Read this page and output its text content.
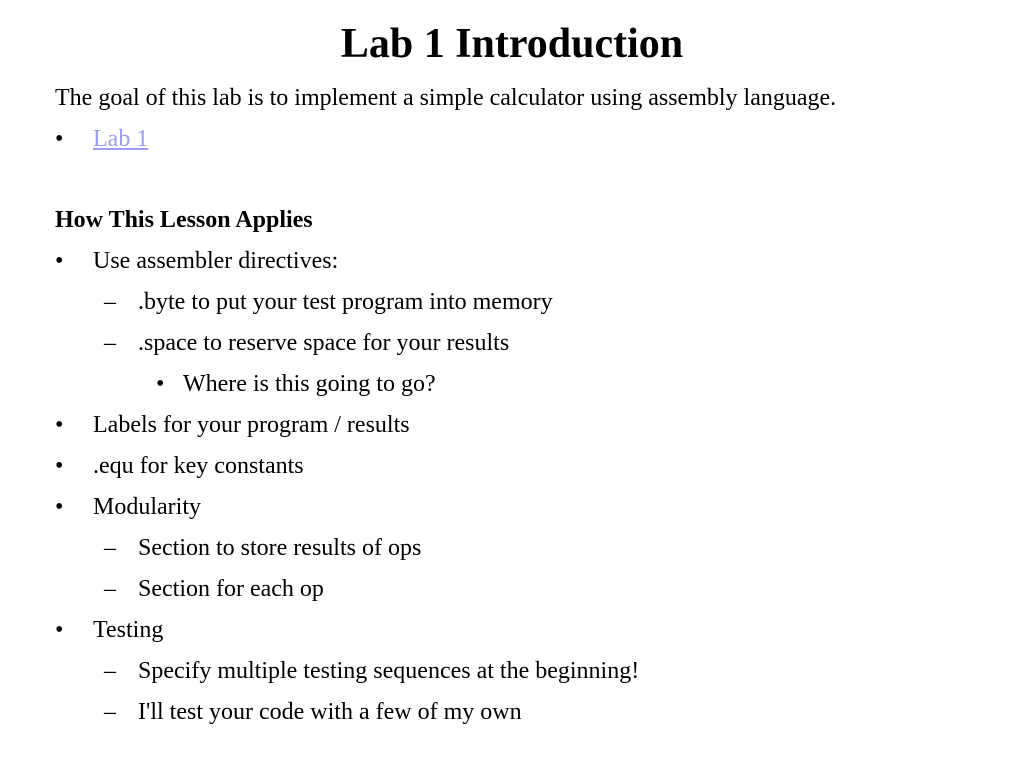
Lab 1 Introduction
The goal of this lab is to implement a simple calculator using assembly language.
• Lab 1
How This Lesson Applies
• Use assembler directives:
– .byte to put your test program into memory
– .space to reserve space for your results
• Where is this going to go?
• Labels for your program / results
• .equ for key constants
• Modularity
– Section to store results of ops
– Section for each op
• Testing
– Specify multiple testing sequences at the beginning!
– I'll test your code with a few of my own
